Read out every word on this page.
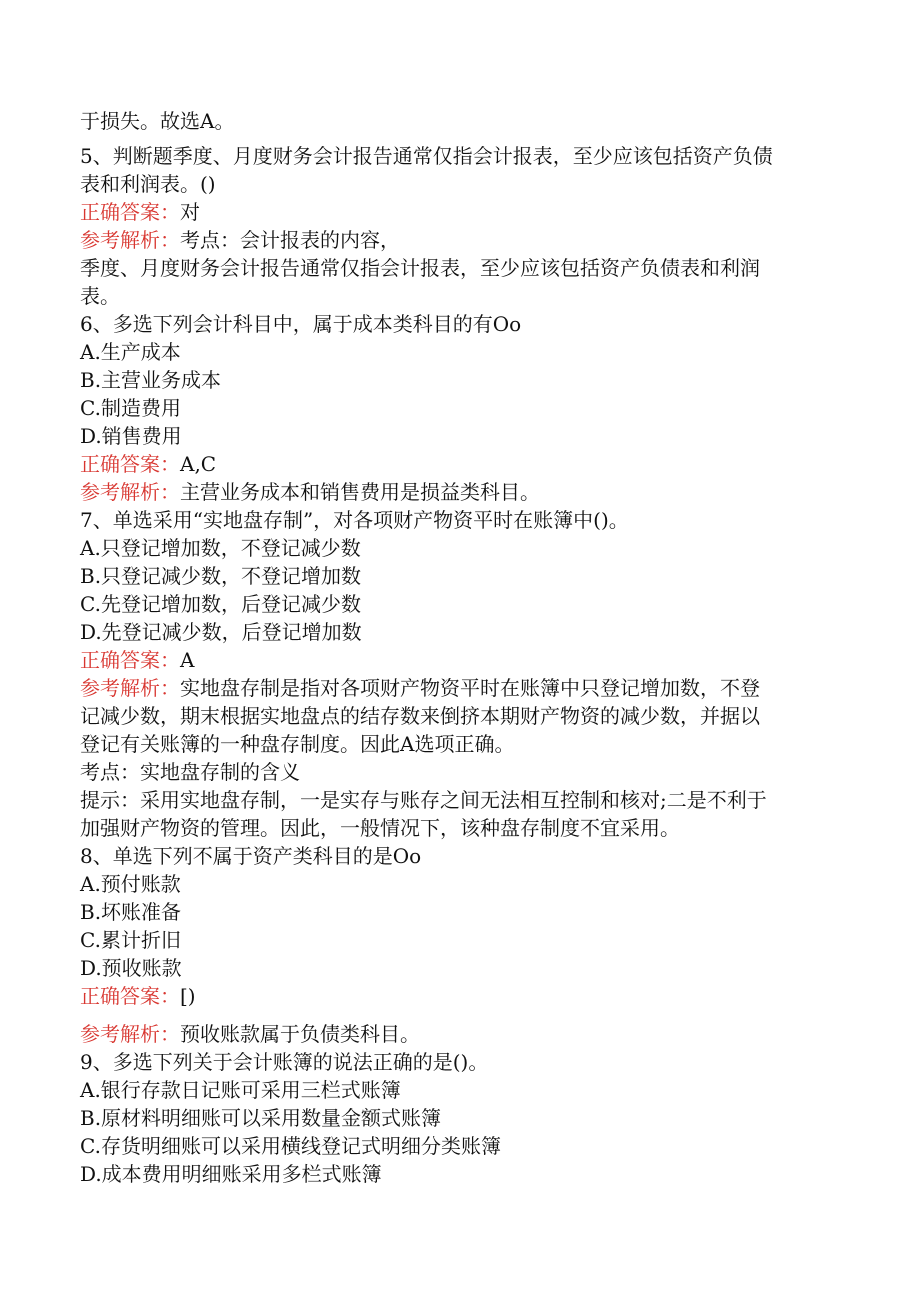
于损失。故选A。
5、判断题季度、月度财务会计报告通常仅指会计报表，至少应该包括资产负债
表和利润表。()
正确答案：对
参考解析：考点：会计报表的内容，
季度、月度财务会计报告通常仅指会计报表，至少应该包括资产负债表和利润
表。
6、多选下列会计科目中，属于成本类科目的有Oo
A.生产成本
B.主营业务成本
C.制造费用
D.销售费用
正确答案：A,C
参考解析：主营业务成本和销售费用是损益类科目。
7、单选采用“实地盘存制”，对各项财产物资平时在账簿中()。
A.只登记增加数，不登记减少数
B.只登记减少数，不登记增加数
C.先登记增加数，后登记减少数
D.先登记减少数，后登记增加数
正确答案：A
参考解析：实地盘存制是指对各项财产物资平时在账簿中只登记增加数，不登
记减少数，期末根据实地盘点的结存数来倒挤本期财产物资的减少数，并据以
登记有关账簿的一种盘存制度。因此A选项正确。
考点：实地盘存制的含义
提示：采用实地盘存制，一是实存与账存之间无法相互控制和核对;二是不利于
加强财产物资的管理。因此，一般情况下，该种盘存制度不宜采用。
8、单选下列不属于资产类科目的是Oo
A.预付账款
B.坏账准备
C.累计折旧
D.预收账款
正确答案：[)
参考解析：预收账款属于负债类科目。
9、多选下列关于会计账簿的说法正确的是()。
A.银行存款日记账可采用三栏式账簿
B.原材料明细账可以采用数量金额式账簿
C.存货明细账可以采用横线登记式明细分类账簿
D.成本费用明细账采用多栏式账簿
